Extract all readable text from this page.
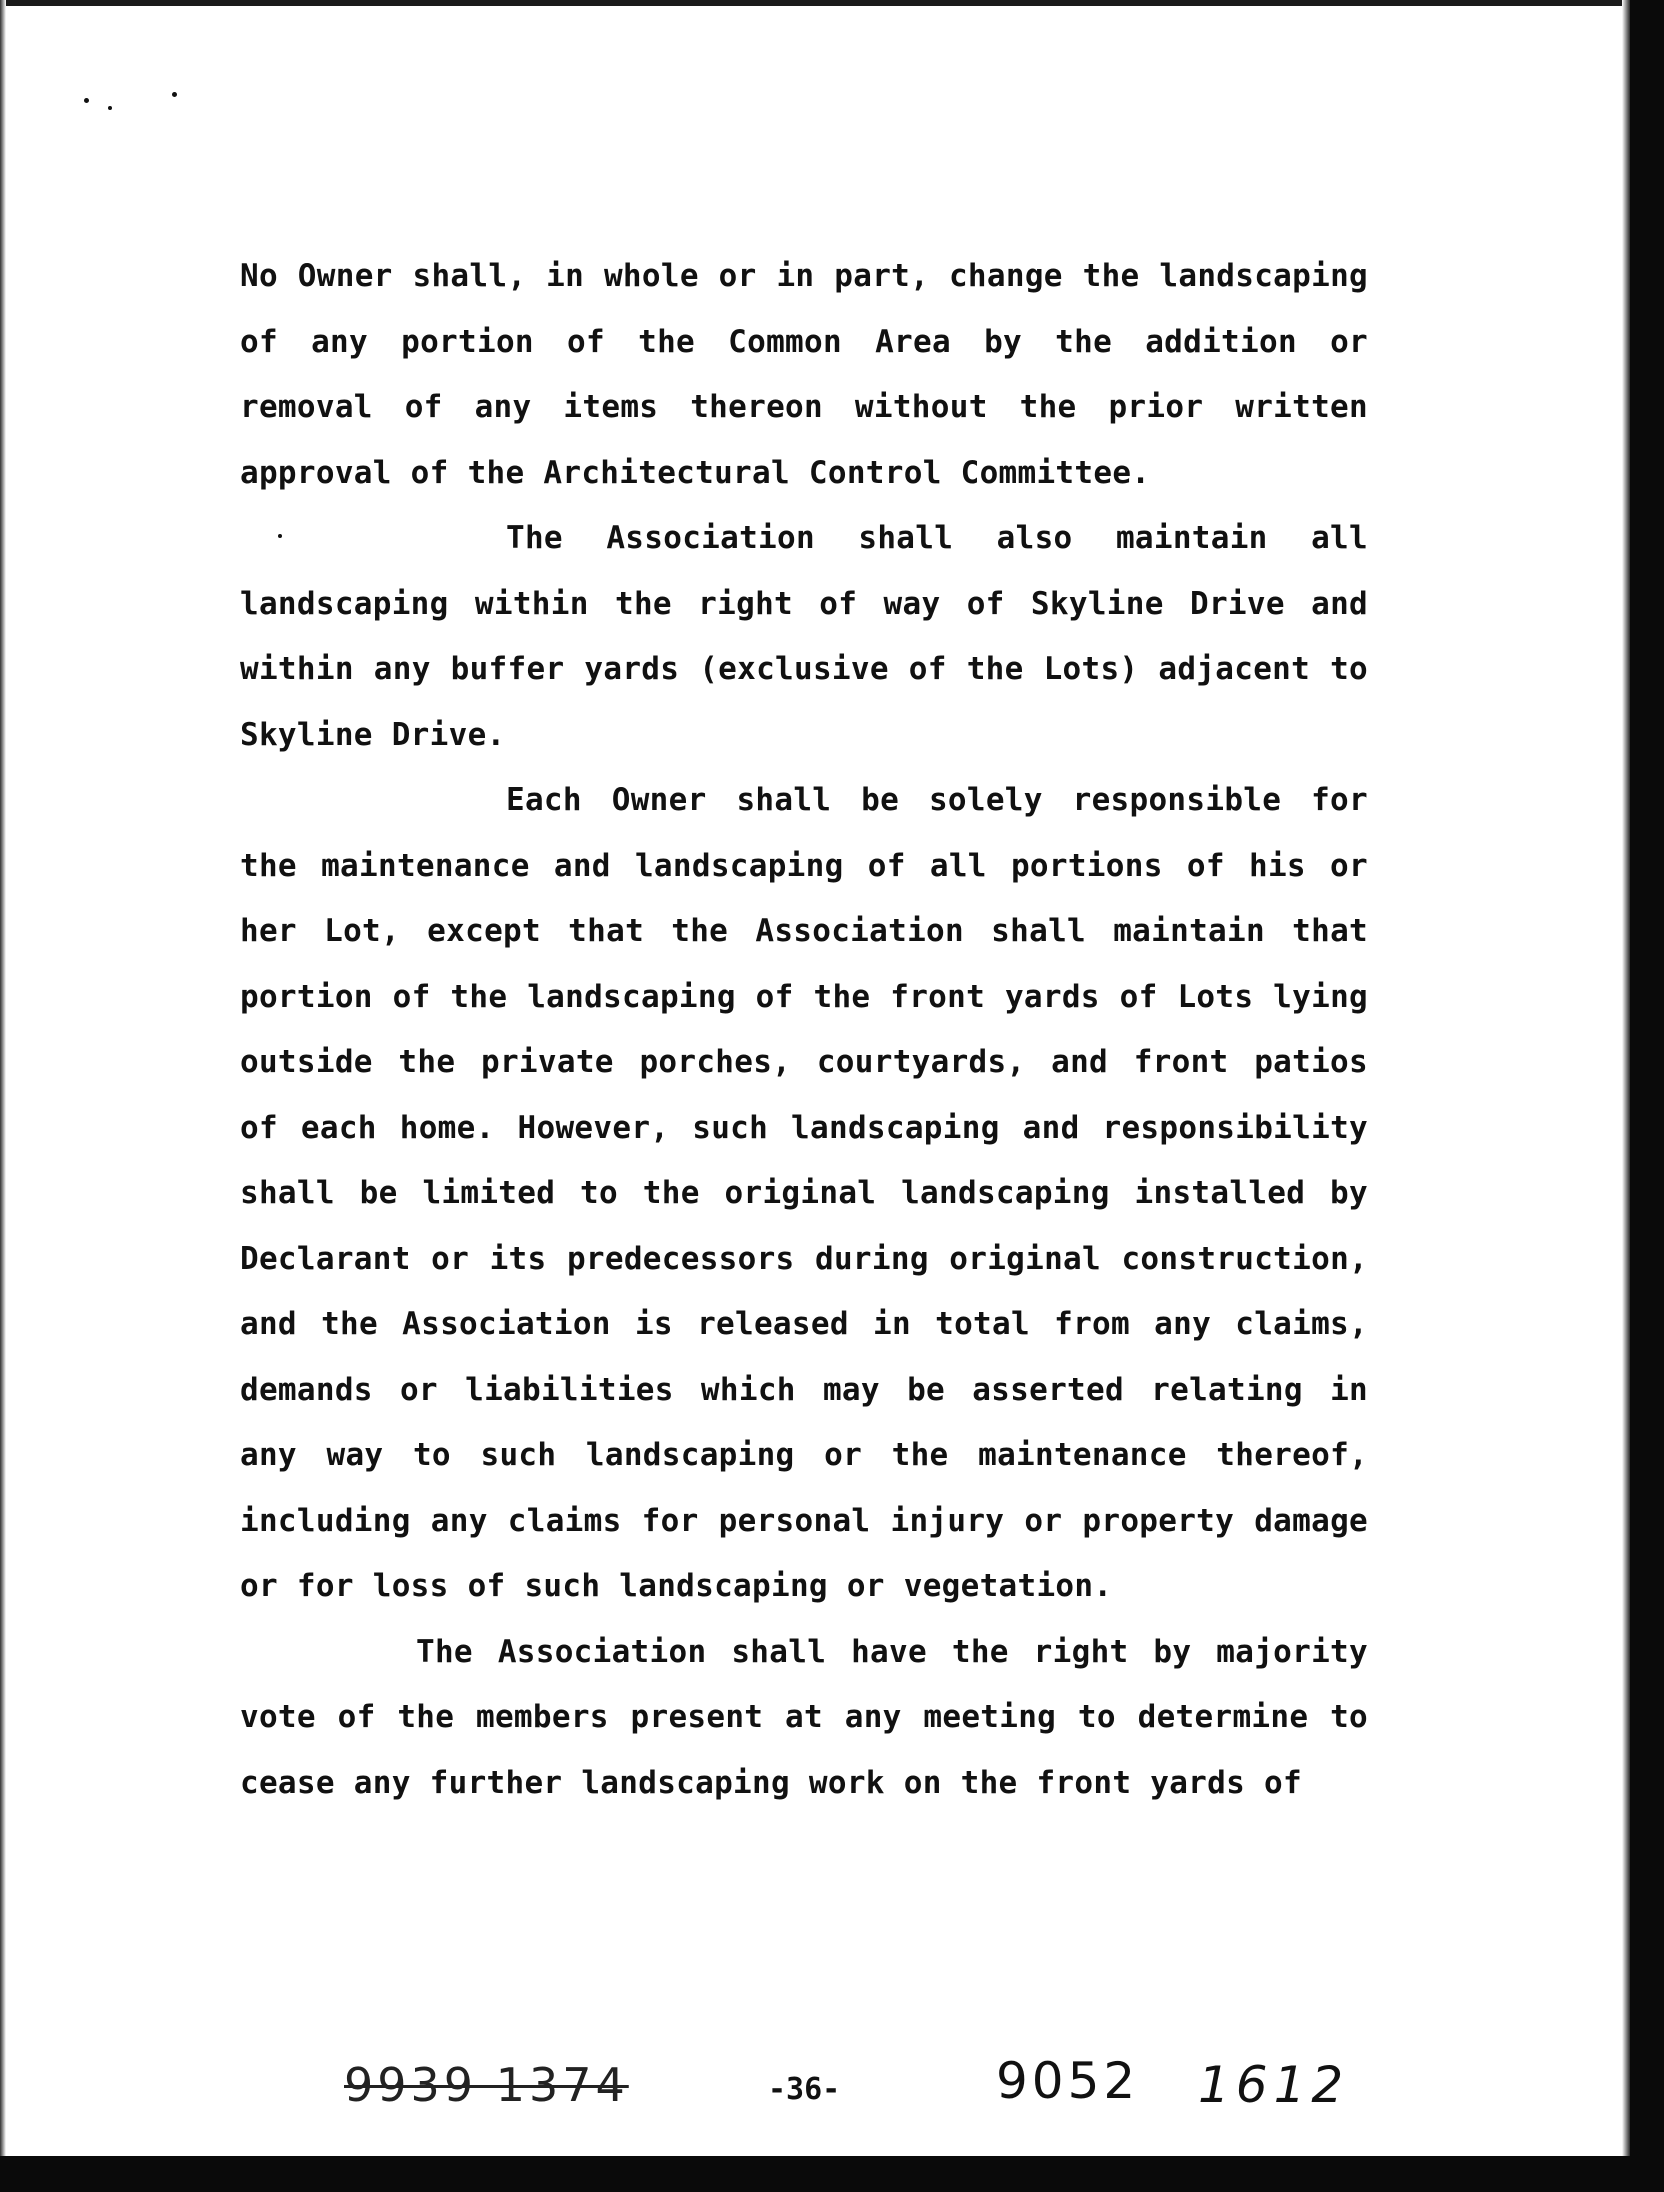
No Owner shall, in whole or in part, change the landscaping of any portion of the Common Area by the addition or removal of any items thereon without the prior written approval of the Architectural Control Committee.

The Association shall also maintain all landscaping within the right of way of Skyline Drive and within any buffer yards (exclusive of the Lots) adjacent to Skyline Drive.

Each Owner shall be solely responsible for the maintenance and landscaping of all portions of his or her Lot, except that the Association shall maintain that portion of the landscaping of the front yards of Lots lying outside the private porches, courtyards, and front patios of each home. However, such landscaping and responsibility shall be limited to the original landscaping installed by Declarant or its predecessors during original construction, and the Association is released in total from any claims, demands or liabilities which may be asserted relating in any way to such landscaping or the maintenance thereof, including any claims for personal injury or property damage or for loss of such landscaping or vegetation.

The Association shall have the right by majority vote of the members present at any meeting to determine to cease any further landscaping work on the front yards of

9939 1374	-36-	9052 1612
